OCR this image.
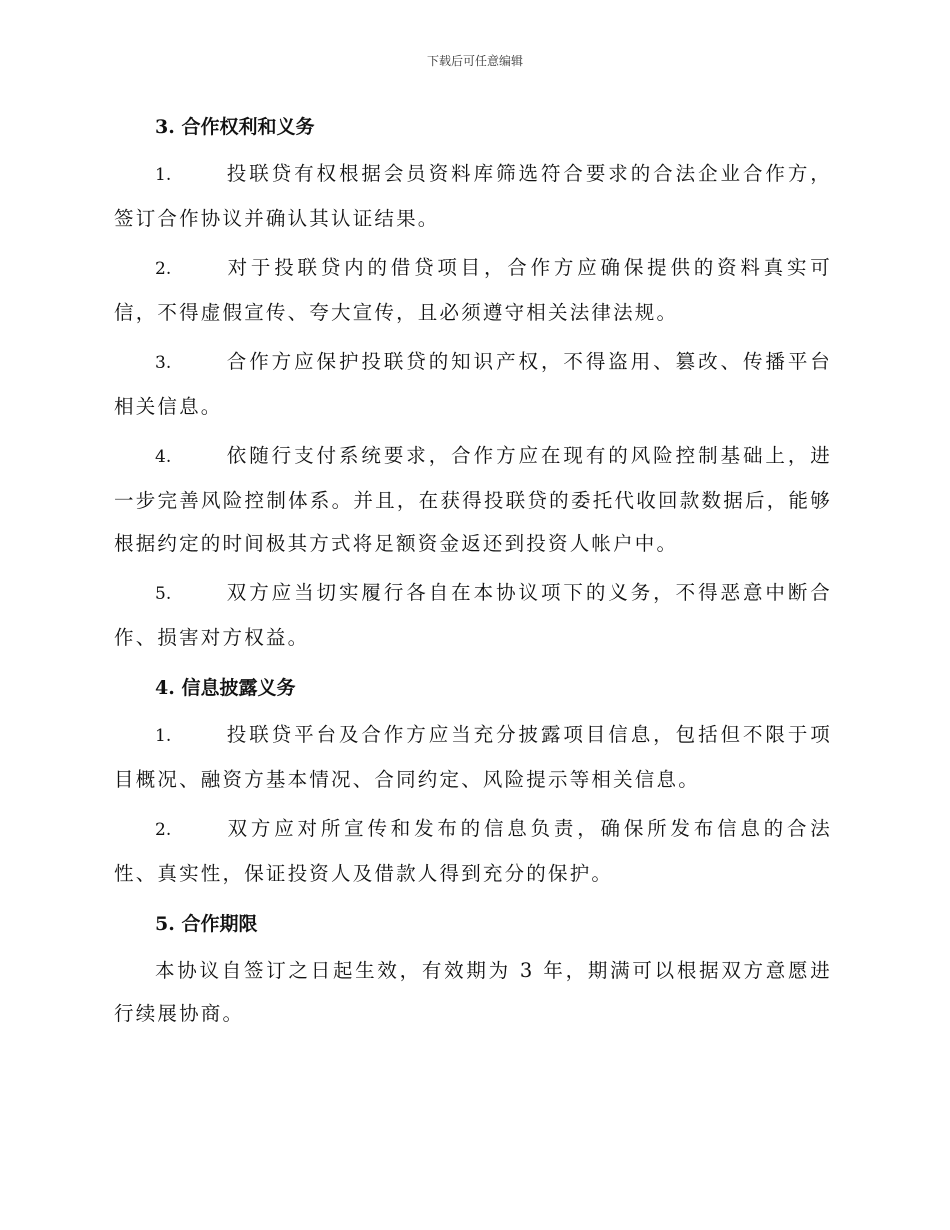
下载后可任意编辑
3. 合作权利和义务

1.	投联贷有权根据会员资料库筛选符合要求的合法企业合作方，签订合作协议并确认其认证结果。

2.	对于投联贷内的借贷项目，合作方应确保提供的资料真实可信，不得虚假宣传、夸大宣传，且必须遵守相关法律法规。

3.	合作方应保护投联贷的知识产权，不得盗用、篡改、传播平台相关信息。

4.	依随行支付系统要求，合作方应在现有的风险控制基础上，进一步完善风险控制体系。并且，在获得投联贷的委托代收回款数据后，能够根据约定的时间极其方式将足额资金返还到投资人帐户中。

5.	双方应当切实履行各自在本协议项下的义务，不得恶意中断合作、损害对方权益。

4. 信息披露义务

1.	投联贷平台及合作方应当充分披露项目信息，包括但不限于项目概况、融资方基本情况、合同约定、风险提示等相关信息。

2.	双方应对所宣传和发布的信息负责，确保所发布信息的合法性、真实性，保证投资人及借款人得到充分的保护。

5. 合作期限

本协议自签订之日起生效，有效期为 3 年，期满可以根据双方意愿进行续展协商。
